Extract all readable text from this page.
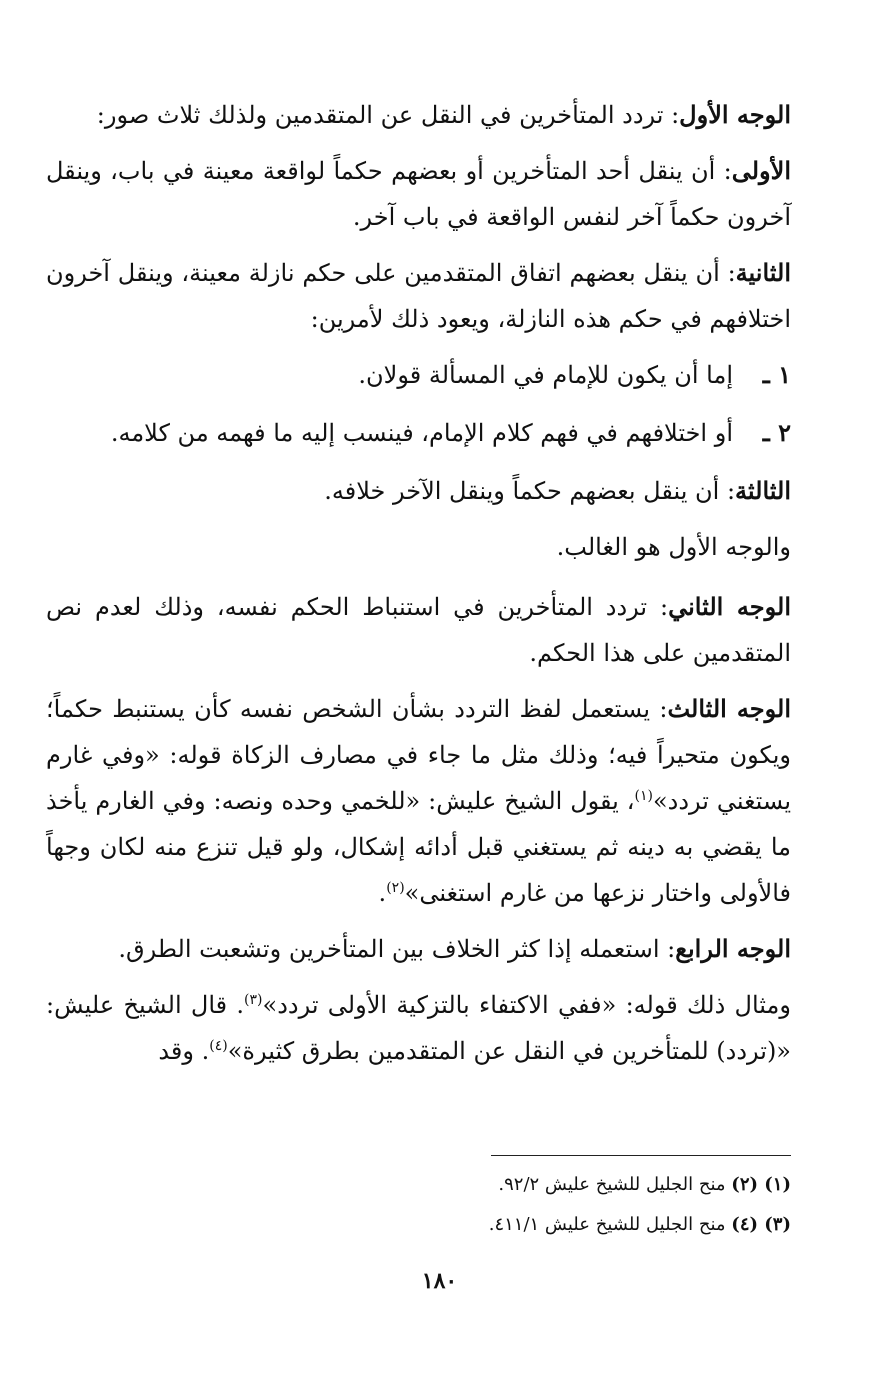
الوجه الأول: تردد المتأخرين في النقل عن المتقدمين ولذلك ثلاث صور:

الأولى: أن ينقل أحد المتأخرين أو بعضهم حكماً لواقعة معينة في باب، وينقل آخرون حكماً آخر لنفس الواقعة في باب آخر.

الثانية: أن ينقل بعضهم اتفاق المتقدمين على حكم نازلة معينة، وينقل آخرون اختلافهم في حكم هذه النازلة، ويعود ذلك لأمرين:

١ ـإما أن يكون للإمام في المسألة قولان.
٢ ـأو اختلافهم في فهم كلام الإمام، فينسب إليه ما فهمه من كلامه.

الثالثة: أن ينقل بعضهم حكماً وينقل الآخر خلافه.

والوجه الأول هو الغالب.

الوجه الثاني: تردد المتأخرين في استنباط الحكم نفسه، وذلك لعدم نص المتقدمين على هذا الحكم.

الوجه الثالث: يستعمل لفظ التردد بشأن الشخص نفسه كأن يستنبط حكماً؛ ويكون متحيراً فيه؛ وذلك مثل ما جاء في مصارف الزكاة قوله: «وفي غارم يستغني تردد»$^{(١)}$، يقول الشيخ عليش: «للخمي وحده ونصه: وفي الغارم يأخذ ما يقضي به دينه ثم يستغني قبل أدائه إشكال، ولو قيل تنزع منه لكان وجهاً فالأولى واختار نزعها من غارم استغنى»$^{(٢)}$.

الوجه الرابع: استعمله إذا كثر الخلاف بين المتأخرين وتشعبت الطرق.

ومثال ذلك قوله: «ففي الاكتفاء بالتزكية الأولى تردد»$^{(٣)}$. قال الشيخ عليش: «(تردد) للمتأخرين في النقل عن المتقدمين بطرق كثيرة»$^{(٤)}$. وقد

(١) (٢) منح الجليل للشيخ عليش ٩٢/٢.
(٣) (٤) منح الجليل للشيخ عليش ٤١١/١.
١٨٠
